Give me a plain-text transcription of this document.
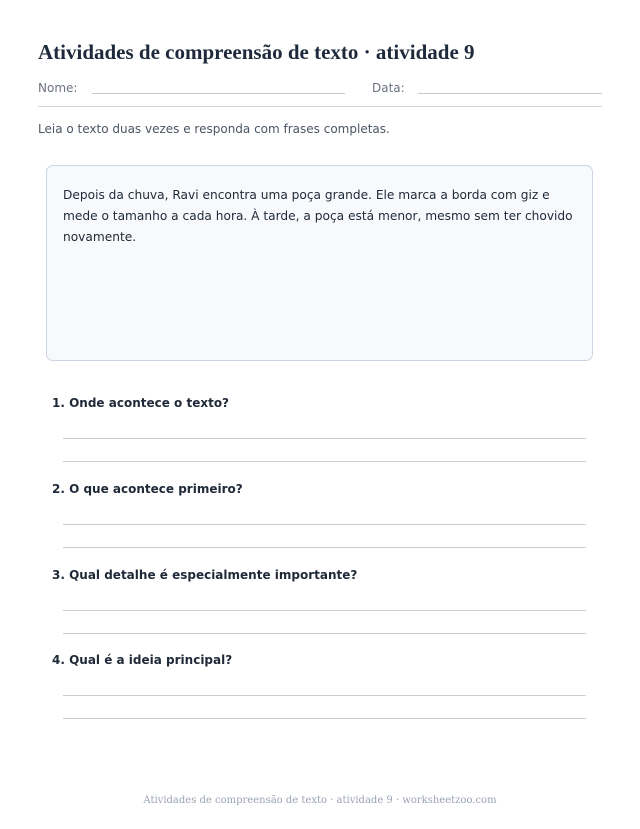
Atividades de compreensão de texto · atividade 9
Nome:	Data:

Leia o texto duas vezes e responda com frases completas.

Depois da chuva, Ravi encontra uma poça grande. Ele marca a borda com giz e mede o tamanho a cada hora. À tarde, a poça está menor, mesmo sem ter chovido novamente.

1. Onde acontece o texto?

2. O que acontece primeiro?

3. Qual detalhe é especialmente importante?

4. Qual é a ideia principal?

Atividades de compreensão de texto · atividade 9 · worksheetzoo.com
